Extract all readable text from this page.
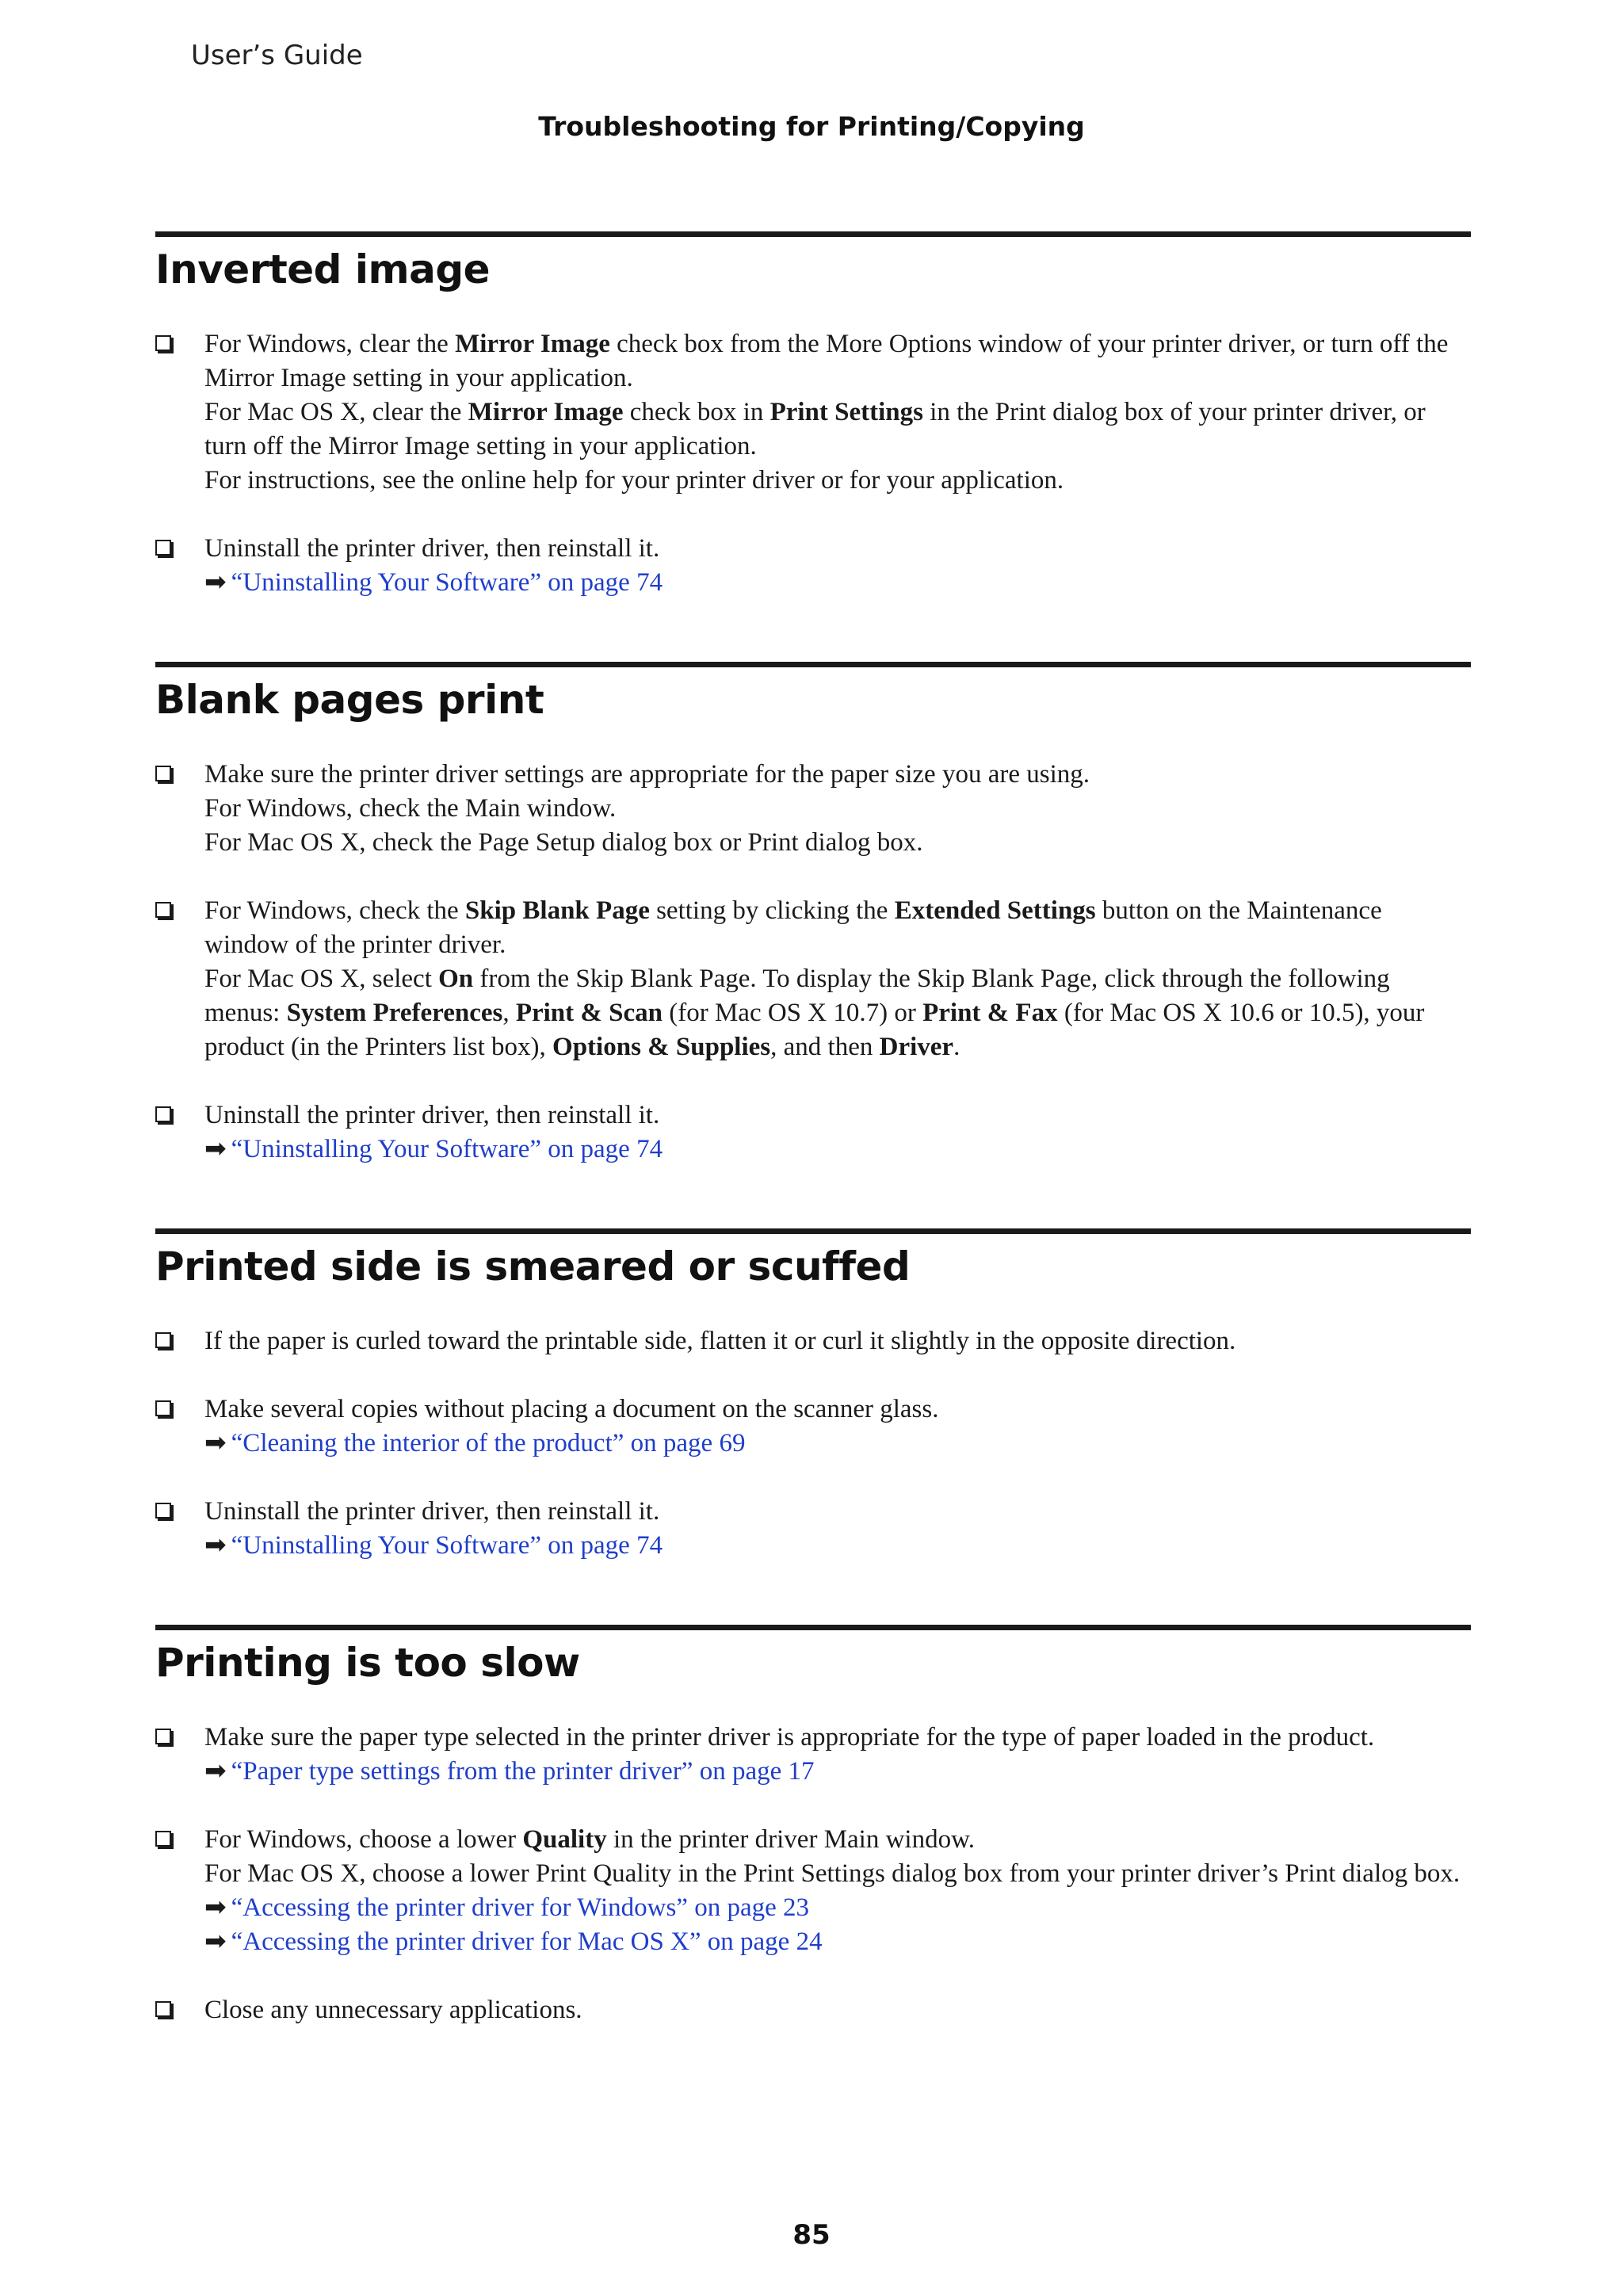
User’s Guide
Troubleshooting for Printing/Copying
Inverted image
For Windows, clear the Mirror Image check box from the More Options window of your printer driver, or turn off the Mirror Image setting in your application.
For Mac OS X, clear the Mirror Image check box in Print Settings in the Print dialog box of your printer driver, or turn off the Mirror Image setting in your application.
For instructions, see the online help for your printer driver or for your application.
Uninstall the printer driver, then reinstall it.
➡ “Uninstalling Your Software” on page 74
Blank pages print
Make sure the printer driver settings are appropriate for the paper size you are using.
For Windows, check the Main window.
For Mac OS X, check the Page Setup dialog box or Print dialog box.
For Windows, check the Skip Blank Page setting by clicking the Extended Settings button on the Maintenance window of the printer driver.
For Mac OS X, select On from the Skip Blank Page. To display the Skip Blank Page, click through the following menus: System Preferences, Print & Scan (for Mac OS X 10.7) or Print & Fax (for Mac OS X 10.6 or 10.5), your product (in the Printers list box), Options & Supplies, and then Driver.
Uninstall the printer driver, then reinstall it.
➡ “Uninstalling Your Software” on page 74
Printed side is smeared or scuffed
If the paper is curled toward the printable side, flatten it or curl it slightly in the opposite direction.
Make several copies without placing a document on the scanner glass.
➡ “Cleaning the interior of the product” on page 69
Uninstall the printer driver, then reinstall it.
➡ “Uninstalling Your Software” on page 74
Printing is too slow
Make sure the paper type selected in the printer driver is appropriate for the type of paper loaded in the product.
➡ “Paper type settings from the printer driver” on page 17
For Windows, choose a lower Quality in the printer driver Main window.
For Mac OS X, choose a lower Print Quality in the Print Settings dialog box from your printer driver’s Print dialog box.
➡ “Accessing the printer driver for Windows” on page 23
➡ “Accessing the printer driver for Mac OS X” on page 24
Close any unnecessary applications.
85
